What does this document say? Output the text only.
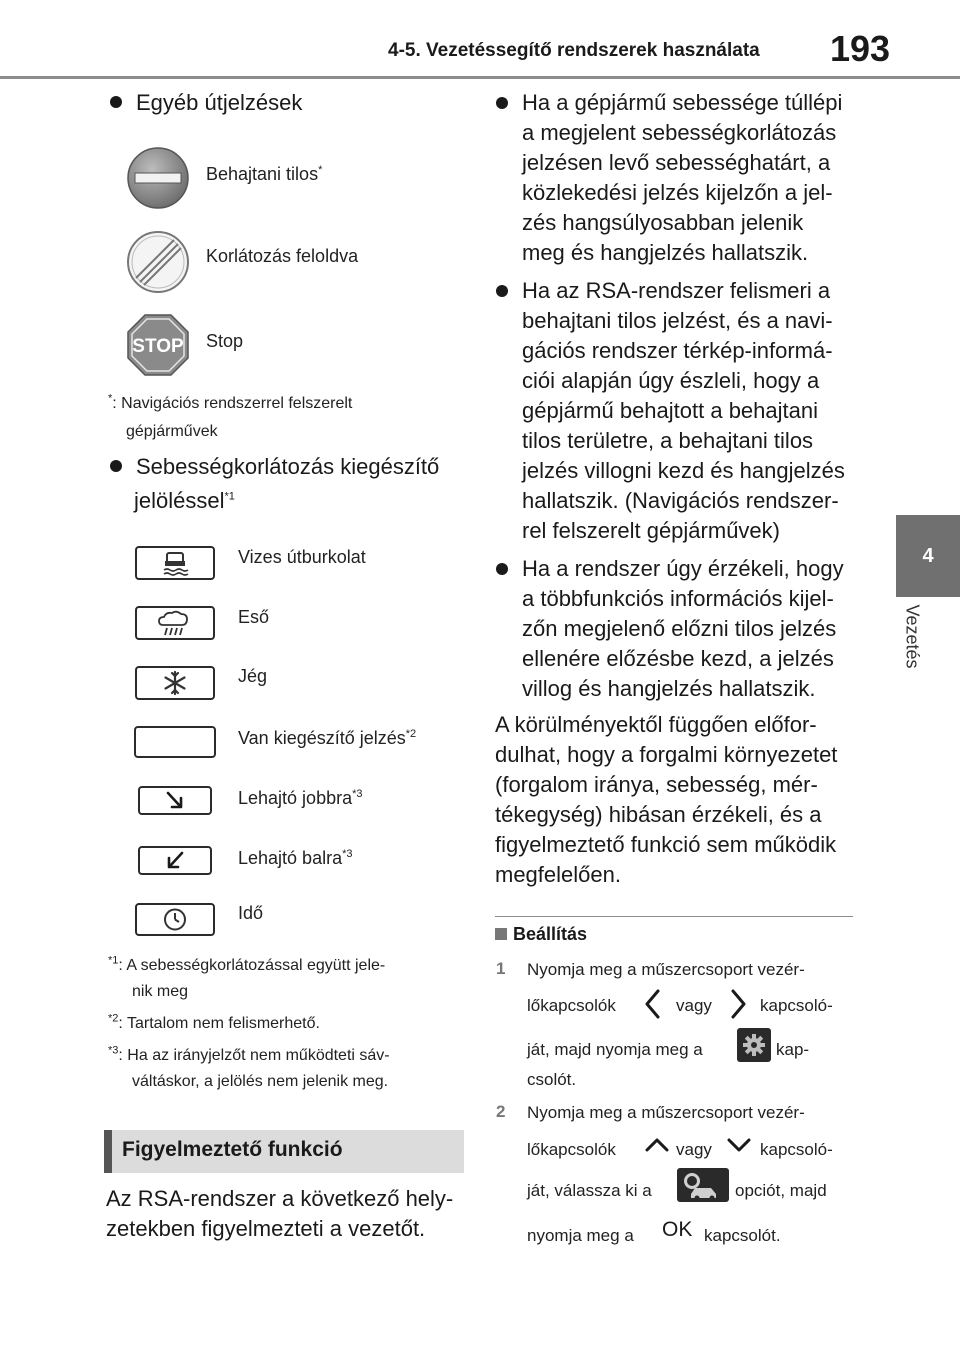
4-5. Vezetéssegítő rendszerek használata 193
4
Vezetés
Egyéb útjelzések
Behajtani tilos*
Korlátozás feloldva
STOP Stop
*: Navigációs rendszerrel felszerelt
gépjárművek
Sebességkorlátozás kiegészítő
jelöléssel$^{*1}$
Vizes útburkolat
Eső
Jég
Van kiegészítő jelzés$^{*2}$
Lehajtó jobbra$^{*3}$
Lehajtó balra$^{*3}$
Idő
$^{*1}$: A sebességkorlátozással együtt jele-
nik meg
$^{*2}$: Tartalom nem felismerhető.
$^{*3}$: Ha az irányjelzőt nem működteti sáv-
váltáskor, a jelölés nem jelenik meg.
Figyelmeztető funkció
Az RSA-rendszer a következő hely-
zetekben figyelmezteti a vezetőt.
Ha a gépjármű sebessége túllépi
a megjelent sebességkorlátozás
jelzésen levő sebességhatárt, a
közlekedési jelzés kijelzőn a jel-
zés hangsúlyosabban jelenik
meg és hangjelzés hallatszik.
Ha az RSA-rendszer felismeri a
behajtani tilos jelzést, és a navi-
gációs rendszer térkép-informá-
ciói alapján úgy észleli, hogy a
gépjármű behajtott a behajtani
tilos területre, a behajtani tilos
jelzés villogni kezd és hangjelzés
hallatszik. (Navigációs rendszer-
rel felszerelt gépjárművek)
Ha a rendszer úgy érzékeli, hogy
a többfunkciós információs kijel-
zőn megjelenő előzni tilos jelzés
ellenére előzésbe kezd, a jelzés
villog és hangjelzés hallatszik.
A körülményektől függően előfor-
dulhat, hogy a forgalmi környezetet
(forgalom iránya, sebesség, mér-
tékegység) hibásan érzékeli, és a
figyelmeztető funkció sem működik
megfelelően.
Beállítás
1 Nyomja meg a műszercsoport vezér-
lőkapcsolók	vagy	kapcsoló-
ját, majd nyomja meg a	kap-
csolót.
2 Nyomja meg a műszercsoport vezér-
lőkapcsolók	vagy	kapcsoló-
ját, válassza ki a	opciót, majd
nyomja meg a OK kapcsolót.
